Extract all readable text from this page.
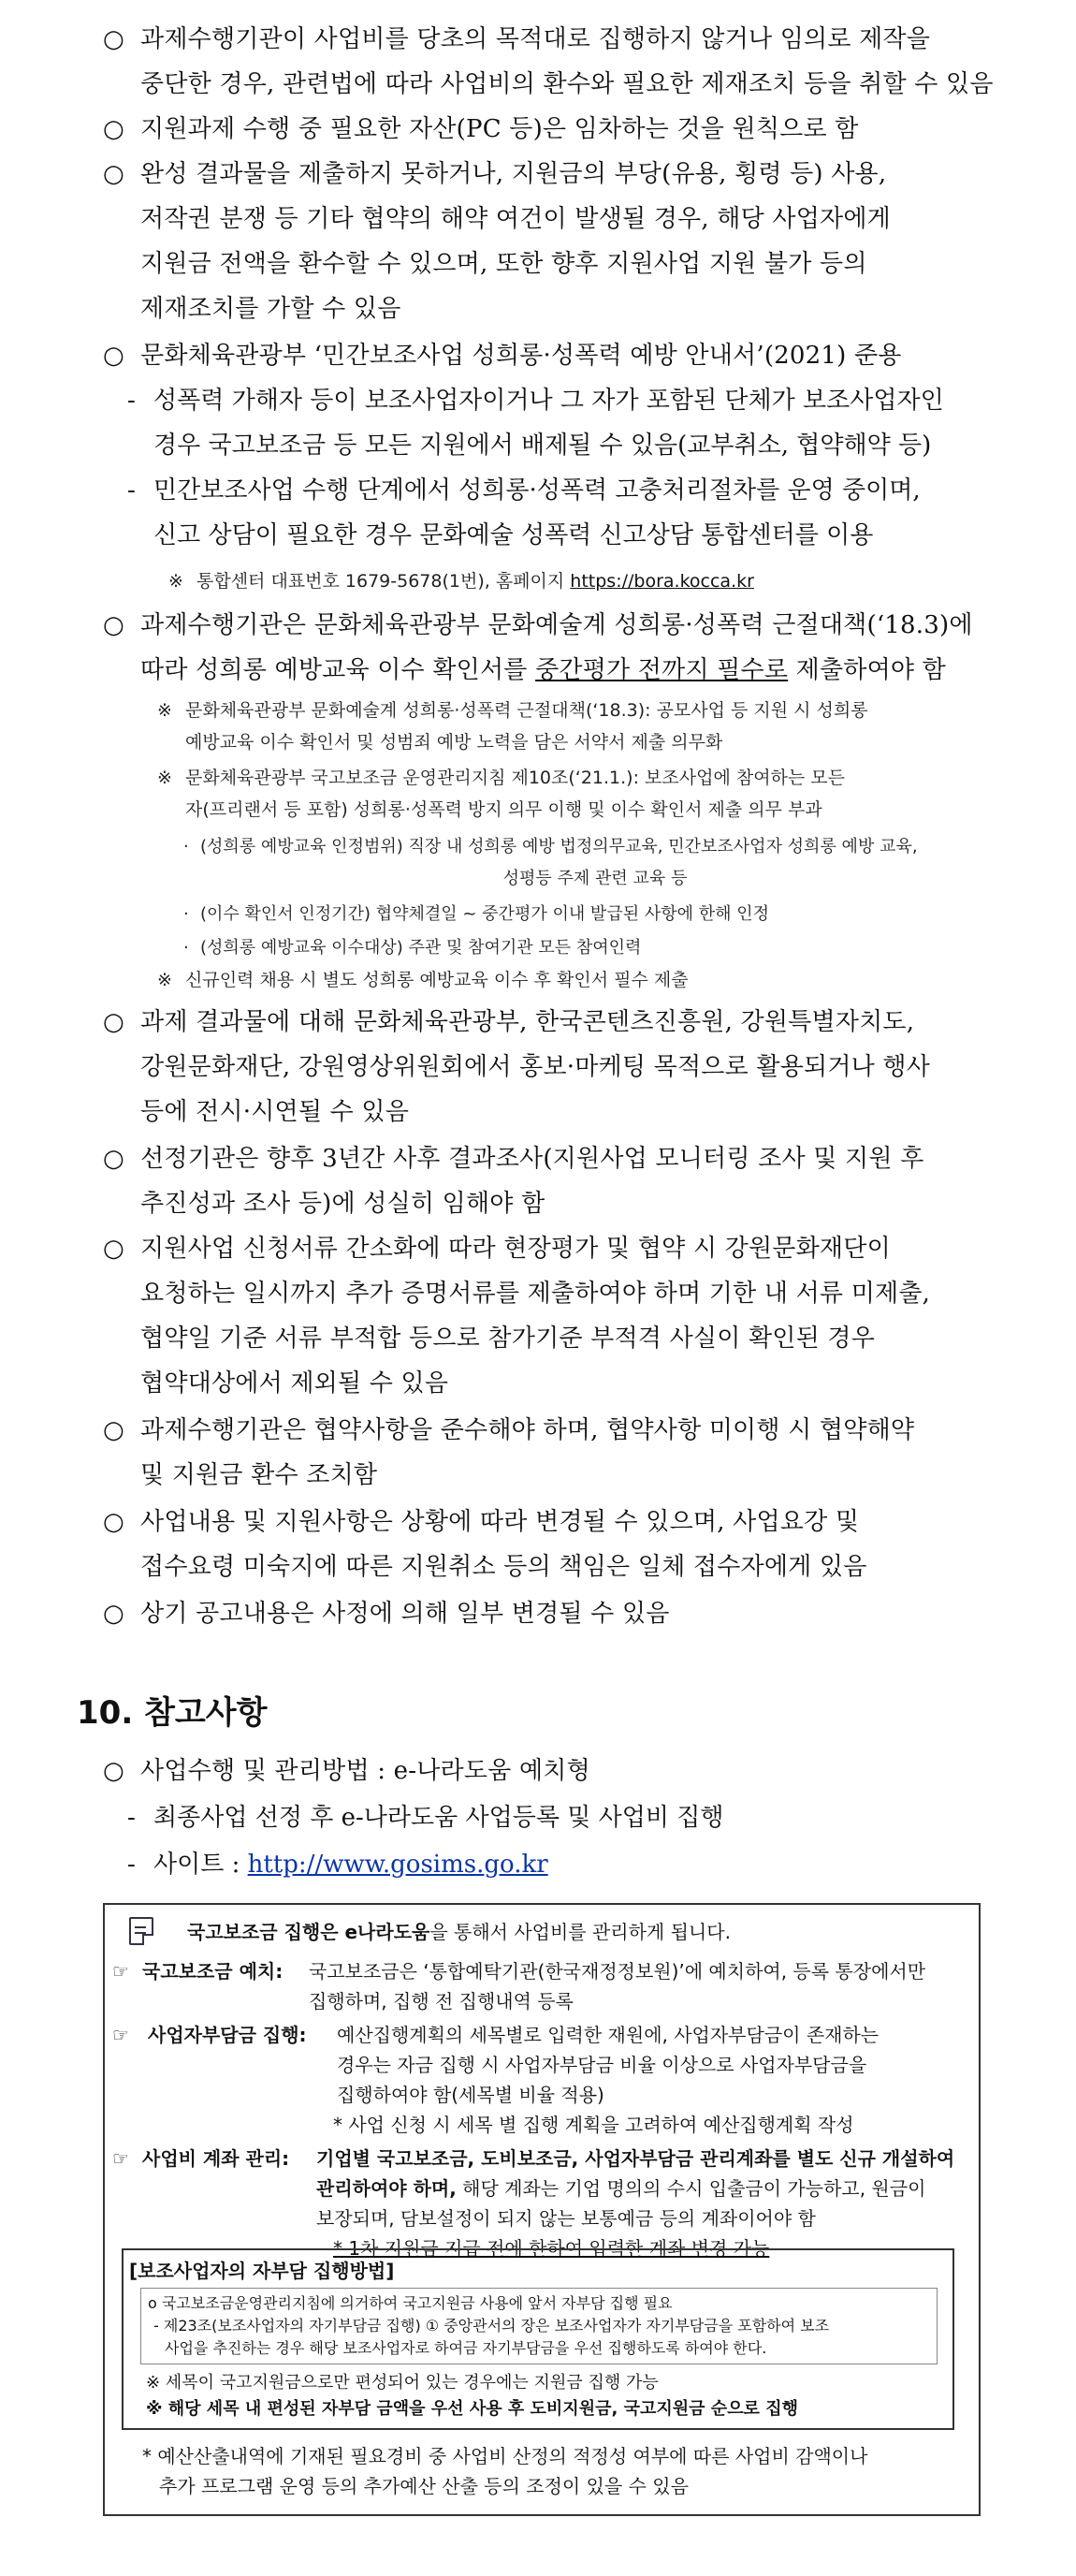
○ 과제수행기관이 사업비를 당초의 목적대로 집행하지 않거나 임의로 제작을
중단한 경우, 관련법에 따라 사업비의 환수와 필요한 제재조치 등을 취할 수 있음
○ 지원과제 수행 중 필요한 자산(PC 등)은 임차하는 것을 원칙으로 함
○ 완성 결과물을 제출하지 못하거나, 지원금의 부당(유용, 횡령 등) 사용,
저작권 분쟁 등 기타 협약의 해약 여건이 발생될 경우, 해당 사업자에게
지원금 전액을 환수할 수 있으며, 또한 향후 지원사업 지원 불가 등의
제재조치를 가할 수 있음
○ 문화체육관광부 ‘민간보조사업 성희롱·성폭력 예방 안내서’(2021) 준용
- 성폭력 가해자 등이 보조사업자이거나 그 자가 포함된 단체가 보조사업자인
경우 국고보조금 등 모든 지원에서 배제될 수 있음(교부취소, 협약해약 등)
- 민간보조사업 수행 단계에서 성희롱·성폭력 고충처리절차를 운영 중이며,
신고 상담이 필요한 경우 문화예술 성폭력 신고상담 통합센터를 이용
※ 통합센터 대표번호 1679-5678(1번), 홈페이지 https://bora.kocca.kr
○ 과제수행기관은 문화체육관광부 문화예술계 성희롱·성폭력 근절대책(‘18.3)에
따라 성희롱 예방교육 이수 확인서를 중간평가 전까지 필수로 제출하여야 함
※ 문화체육관광부 문화예술계 성희롱·성폭력 근절대책(‘18.3): 공모사업 등 지원 시 성희롱
예방교육 이수 확인서 및 성범죄 예방 노력을 담은 서약서 제출 의무화
※ 문화체육관광부 국고보조금 운영관리지침 제10조(‘21.1.): 보조사업에 참여하는 모든
자(프리랜서 등 포함) 성희롱·성폭력 방지 의무 이행 및 이수 확인서 제출 의무 부과
· (성희롱 예방교육 인정범위) 직장 내 성희롱 예방 법정의무교육, 민간보조사업자 성희롱 예방 교육,
성평등 주제 관련 교육 등
· (이수 확인서 인정기간) 협약체결일 ~ 중간평가 이내 발급된 사항에 한해 인정
· (성희롱 예방교육 이수대상) 주관 및 참여기관 모든 참여인력
※ 신규인력 채용 시 별도 성희롱 예방교육 이수 후 확인서 필수 제출
○ 과제 결과물에 대해 문화체육관광부, 한국콘텐츠진흥원, 강원특별자치도,
강원문화재단, 강원영상위원회에서 홍보·마케팅 목적으로 활용되거나 행사
등에 전시·시연될 수 있음
○ 선정기관은 향후 3년간 사후 결과조사(지원사업 모니터링 조사 및 지원 후
추진성과 조사 등)에 성실히 임해야 함
○ 지원사업 신청서류 간소화에 따라 현장평가 및 협약 시 강원문화재단이
요청하는 일시까지 추가 증명서류를 제출하여야 하며 기한 내 서류 미제출,
협약일 기준 서류 부적합 등으로 참가기준 부적격 사실이 확인된 경우
협약대상에서 제외될 수 있음
○ 과제수행기관은 협약사항을 준수해야 하며, 협약사항 미이행 시 협약해약
및 지원금 환수 조치함
○ 사업내용 및 지원사항은 상황에 따라 변경될 수 있으며, 사업요강 및
접수요령 미숙지에 따른 지원취소 등의 책임은 일체 접수자에게 있음
○ 상기 공고내용은 사정에 의해 일부 변경될 수 있음
10. 참고사항
○ 사업수행 및 관리방법 : e-나라도움 예치형
- 최종사업 선정 후 e-나라도움 사업등록 및 사업비 집행
- 사이트 : http://www.gosims.go.kr
국고보조금 집행은 e나라도움을 통해서 사업비를 관리하게 됩니다.
☞ 국고보조금 예치: 국고보조금은 ‘통합예탁기관(한국재정정보원)’에 예치하여, 등록 통장에서만
집행하며, 집행 전 집행내역 등록
☞ 사업자부담금 집행: 예산집행계획의 세목별로 입력한 재원에, 사업자부담금이 존재하는
경우는 자금 집행 시 사업자부담금 비율 이상으로 사업자부담금을
집행하여야 함(세목별 비율 적용)
* 사업 신청 시 세목 별 집행 계획을 고려하여 예산집행계획 작성
☞ 사업비 계좌 관리: 기업별 국고보조금, 도비보조금, 사업자부담금 관리계좌를 별도 신규 개설하여
관리하여야 하며, 해당 계좌는 기업 명의의 수시 입출금이 가능하고, 원금이
보장되며, 담보설정이 되지 않는 보통예금 등의 계좌이어야 함
* 1차 지원금 지급 전에 한하여 입력한 계좌 변경 가능
[보조사업자의 자부담 집행방법]
o 국고보조금운영관리지침에 의거하여 국고지원금 사용에 앞서 자부담 집행 필요
- 제23조(보조사업자의 자기부담금 집행) ① 중앙관서의 장은 보조사업자가 자기부담금을 포함하여 보조
사업을 추진하는 경우 해당 보조사업자로 하여금 자기부담금을 우선 집행하도록 하여야 한다.
※ 세목이 국고지원금으로만 편성되어 있는 경우에는 지원금 집행 가능
※ 해당 세목 내 편성된 자부담 금액을 우선 사용 후 도비지원금, 국고지원금 순으로 집행
* 예산산출내역에 기재된 필요경비 중 사업비 산정의 적정성 여부에 따른 사업비 감액이나
추가 프로그램 운영 등의 추가예산 산출 등의 조정이 있을 수 있음
